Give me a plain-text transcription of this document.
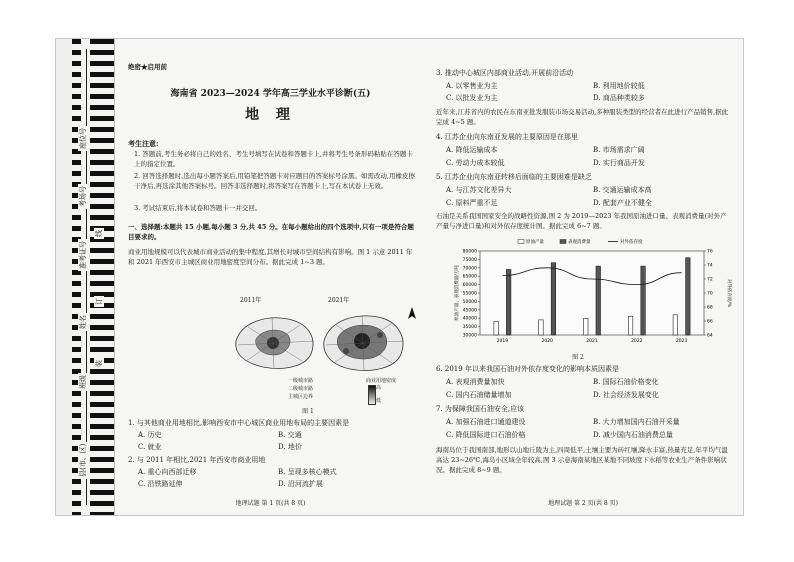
座位号
考场号
准考证号
姓名
班级
县(市、区)
线
订
装
绝密★启用前
海南省 2023—2024 学年高三学业水平诊断(五)
地 理
考生注意:
1. 答题前,考生务必将自己的姓名、考生号填写在试卷和答题卡上,并将考生号条形码粘贴在答题卡上的指定位置。
2. 回答选择题时,选出每小题答案后,用铅笔把答题卡对应题目的答案标号涂黑。如需改动,用橡皮擦干净后,再选涂其他答案标号。回答非选择题时,将答案写在答题卡上,写在本试卷上无效。
3. 考试结束后,将本试卷和答题卡一并交回。
一、选择题:本题共 15 小题,每小题 3 分,共 45 分。在每小题给出的四个选项中,只有一项是符合题目要求的。
商业用地规模可以代表城市商业活动的集中程度,其增长对城市空间结构有影响。图 1 示意 2011 年和 2021 年西安市主城区商业用地密度空间分布。据此完成 1~3 题。
2011年	2021年
一级城市路
二级城市路
主城区边界
商业用地密度
高
低
图 1
1. 与其他商业用地相比,影响西安市中心城区商业用地布局的主要因素是
A. 历史	B. 交通
C. 就业	D. 地价
2. 与 2011 年相比,2021 年西安市商业用地
A. 重心向西部迁移	B. 呈现多核心模式
C. 沿铁路延伸	D. 沿河流扩展
地理试题 第 1 页(共 8 页)
3. 推动中心城区内部商业活动,开展前沿活动
A. 以零售业为主	B. 利用地价较低
C. 以批发业为主	D. 商品种类较多
近年来,江苏省内的农民在东南亚批发服装市场交易活动,多种服装类型的经营者在此进行产品销售,据此完成 4~5 题。
4. 江苏企业向东南亚发展的主要原因是在那里
A. 降低运输成本	B. 市场需求广阔
C. 劳动力成本较低	D. 实行商品开发
5. 江苏企业向东南亚转移后面临的主要困难是缺乏
A. 与江苏文化差异大	B. 交通运输成本高
C. 原料严重不足	D. 配套产业不健全
石油是关系我国国家安全的战略性资源,图 2 为 2019—2023 年我国原油进口量、表观消费量(对外产产量与净进口量)和对外依存度统计图。据此完成 6~7 题。
80000
75000
70000
65000
60000
55000
50000
45000
40000
35000
30000
76
74
72
70
68
66
64
原油产量、表观消费量/万吨	对外依存度/%
2019	2020	2021	2022	2023
原油产量	表观消费量	对外依存度
图 2
6. 2019 年以来我国石油对外依存度变化的影响本质因素是
A. 表观消费量加快	B. 国际石油价格变化
C. 国内石油储量增加	D. 社会经济发展变化
7. 为保障我国石油安全,应该
A. 加强石油进口通道建设	B. 大力增加国内石油开采量
C. 降低国际进口石油价格	D. 减少国内石油消费总量
海南岛位于我国南部,地形以山地丘陵为主,四周低平,土壤主要为砖红壤,降水丰富,热量充足,年平均气温高达 23~26℃,海岛小区域全年较高,图 3 示意海南某地区某地不同坡度下水稻等农业生产条件影响状况。据此完成 8~9 题。
地理试题 第 2 页(共 8 页)
